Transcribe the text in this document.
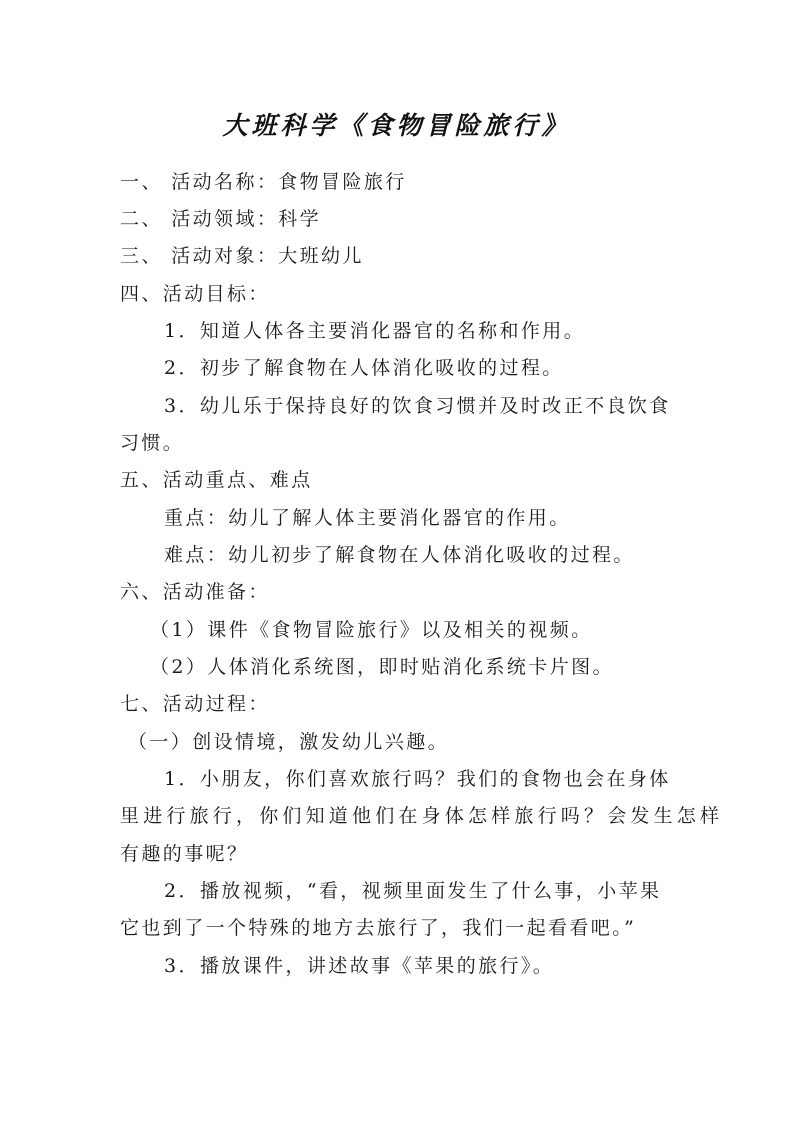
大班科学《食物冒险旅行》
一、 活动名称：食物冒险旅行
二、 活动领域：科学
三、 活动对象：大班幼儿
四、活动目标：
1．知道人体各主要消化器官的名称和作用。
2．初步了解食物在人体消化吸收的过程。
3．幼儿乐于保持良好的饮食习惯并及时改正不良饮食
习惯。
五、活动重点、难点
重点：幼儿了解人体主要消化器官的作用。
难点：幼儿初步了解食物在人体消化吸收的过程。
六、活动准备：
（1）课件《食物冒险旅行》以及相关的视频。
（2）人体消化系统图，即时贴消化系统卡片图。
七、活动过程：
（一）创设情境，激发幼儿兴趣。
1．小朋友，你们喜欢旅行吗？我们的食物也会在身体
里进行旅行，你们知道他们在身体怎样旅行吗？会发生怎样
有趣的事呢？
2．播放视频，“看，视频里面发生了什么事，小苹果
它也到了一个特殊的地方去旅行了，我们一起看看吧。”
3．播放课件，讲述故事《苹果的旅行》。
